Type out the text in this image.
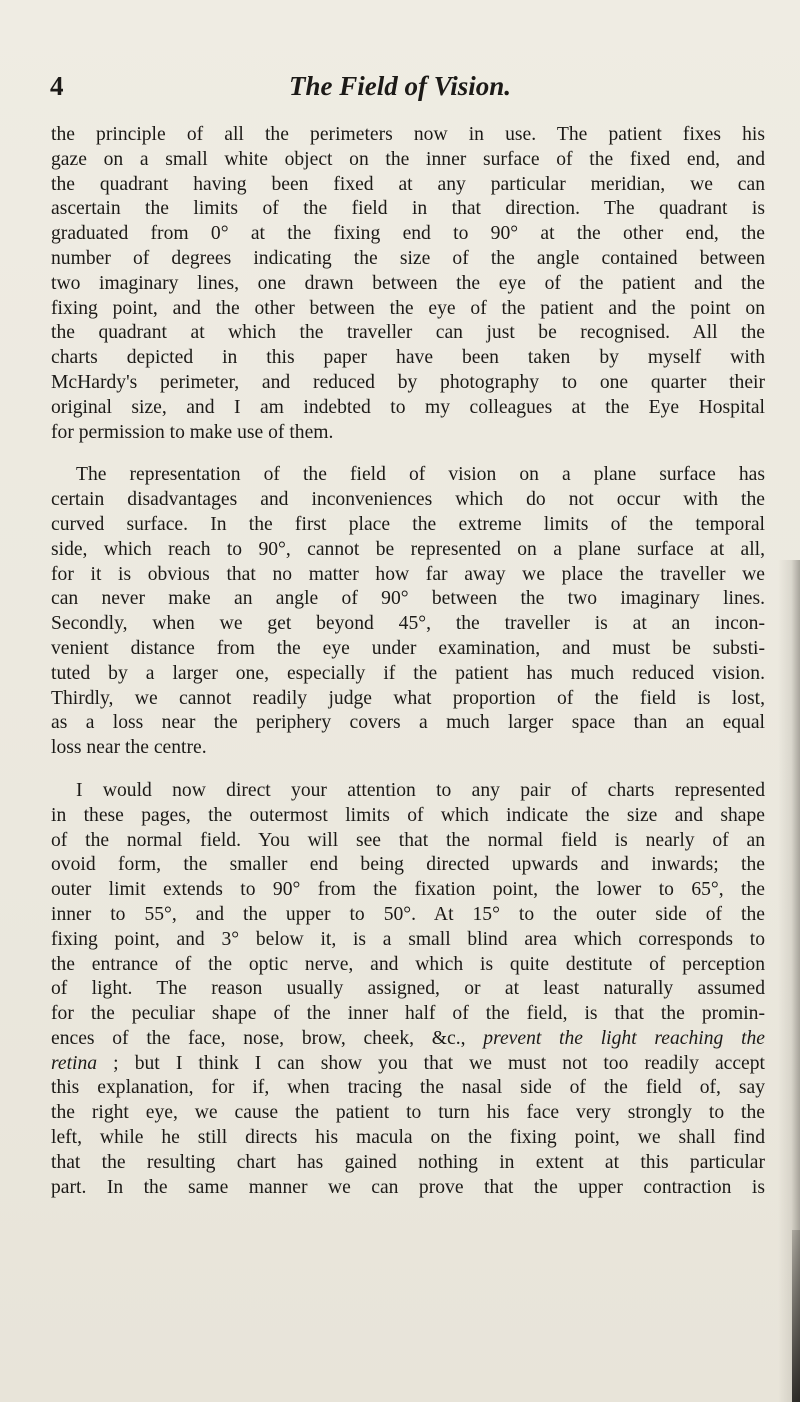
4	The Field of Vision.

the principle of all the perimeters now in use. The patient fixes his
gaze on a small white object on the inner surface of the fixed end, and
the quadrant having been fixed at any particular meridian, we can
ascertain the limits of the field in that direction. The quadrant is
graduated from 0° at the fixing end to 90° at the other end, the
number of degrees indicating the size of the angle contained between
two imaginary lines, one drawn between the eye of the patient and the
fixing point, and the other between the eye of the patient and the point on
the quadrant at which the traveller can just be recognised. All the
charts depicted in this paper have been taken by myself with
McHardy's perimeter, and reduced by photography to one quarter their
original size, and I am indebted to my colleagues at the Eye Hospital
for permission to make use of them.

The representation of the field of vision on a plane surface has
certain disadvantages and inconveniences which do not occur with the
curved surface. In the first place the extreme limits of the temporal
side, which reach to 90°, cannot be represented on a plane surface at all,
for it is obvious that no matter how far away we place the traveller we
can never make an angle of 90° between the two imaginary lines.
Secondly, when we get beyond 45°, the traveller is at an incon-
venient distance from the eye under examination, and must be substi-
tuted by a larger one, especially if the patient has much reduced vision.
Thirdly, we cannot readily judge what proportion of the field is lost,
as a loss near the periphery covers a much larger space than an equal
loss near the centre.

I would now direct your attention to any pair of charts represented
in these pages, the outermost limits of which indicate the size and shape
of the normal field. You will see that the normal field is nearly of an
ovoid form, the smaller end being directed upwards and inwards; the
outer limit extends to 90° from the fixation point, the lower to 65°, the
inner to 55°, and the upper to 50°. At 15° to the outer side of the
fixing point, and 3° below it, is a small blind area which corresponds to
the entrance of the optic nerve, and which is quite destitute of perception
of light. The reason usually assigned, or at least naturally assumed
for the peculiar shape of the inner half of the field, is that the promin-
ences of the face, nose, brow, cheek, &c., prevent the light reaching the
retina ; but I think I can show you that we must not too readily accept
this explanation, for if, when tracing the nasal side of the field of, say
the right eye, we cause the patient to turn his face very strongly to the
left, while he still directs his macula on the fixing point, we shall find
that the resulting chart has gained nothing in extent at this particular
part. In the same manner we can prove that the upper contraction is
